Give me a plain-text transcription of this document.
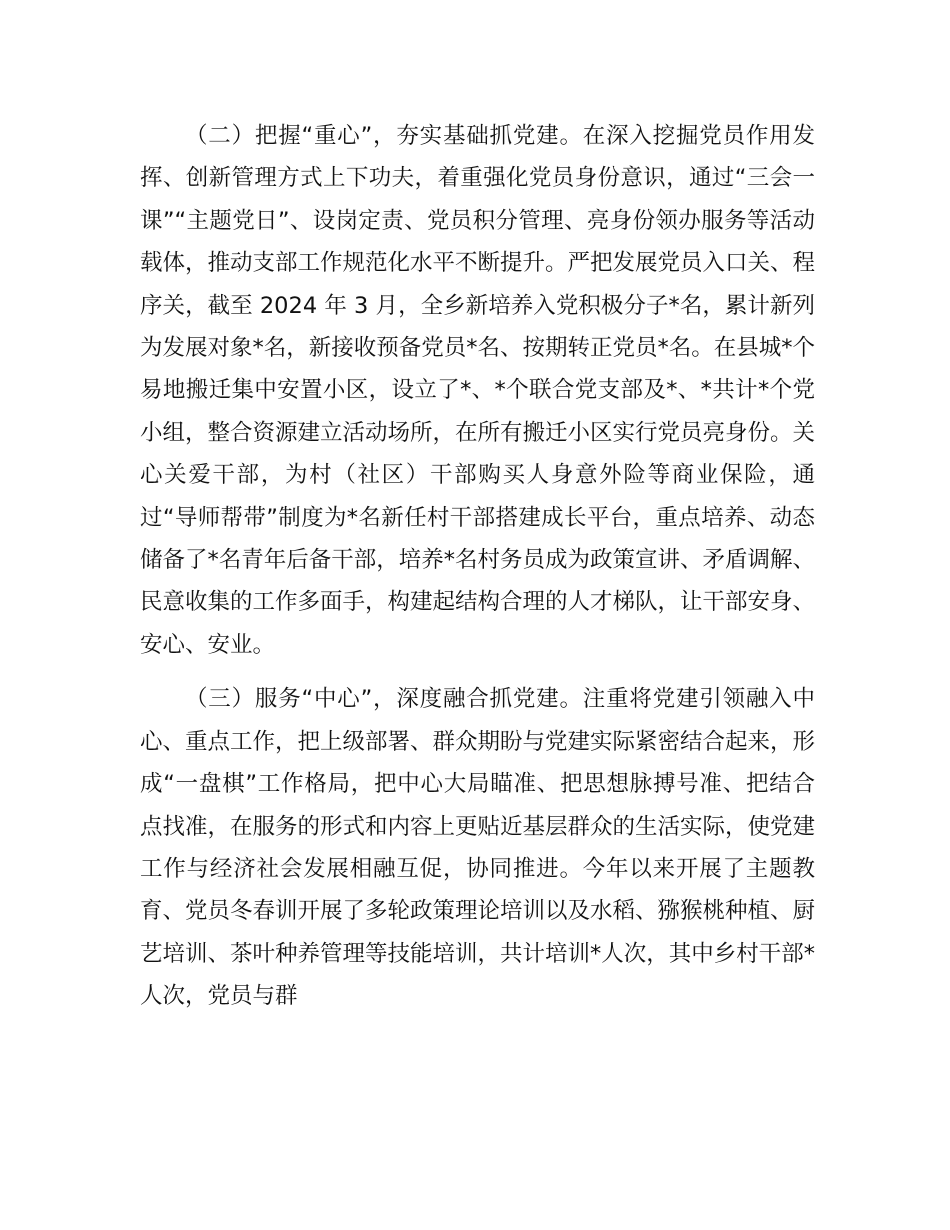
（二）把握“重心”，夯实基础抓党建。在深入挖掘党员作用发挥、创新管理方式上下功夫，着重强化党员身份意识，通过“三会一课”“主题党日”、设岗定责、党员积分管理、亮身份领办服务等活动载体，推动支部工作规范化水平不断提升。严把发展党员入口关、程序关，截至 2024 年 3 月，全乡新培养入党积极分子*名，累计新列为发展对象*名，新接收预备党员*名、按期转正党员*名。在县城*个易地搬迁集中安置小区，设立了*、*个联合党支部及*、*共计*个党小组，整合资源建立活动场所，在所有搬迁小区实行党员亮身份。关心关爱干部，为村（社区）干部购买人身意外险等商业保险，通过“导师帮带”制度为*名新任村干部搭建成长平台，重点培养、动态储备了*名青年后备干部，培养*名村务员成为政策宣讲、矛盾调解、民意收集的工作多面手，构建起结构合理的人才梯队，让干部安身、安心、安业。

（三）服务“中心”，深度融合抓党建。注重将党建引领融入中心、重点工作，把上级部署、群众期盼与党建实际紧密结合起来，形成“一盘棋”工作格局，把中心大局瞄准、把思想脉搏号准、把结合点找准，在服务的形式和内容上更贴近基层群众的生活实际，使党建工作与经济社会发展相融互促，协同推进。今年以来开展了主题教育、党员冬春训开展了多轮政策理论培训以及水稻、猕猴桃种植、厨艺培训、茶叶种养管理等技能培训，共计培训*人次，其中乡村干部*人次，党员与群
